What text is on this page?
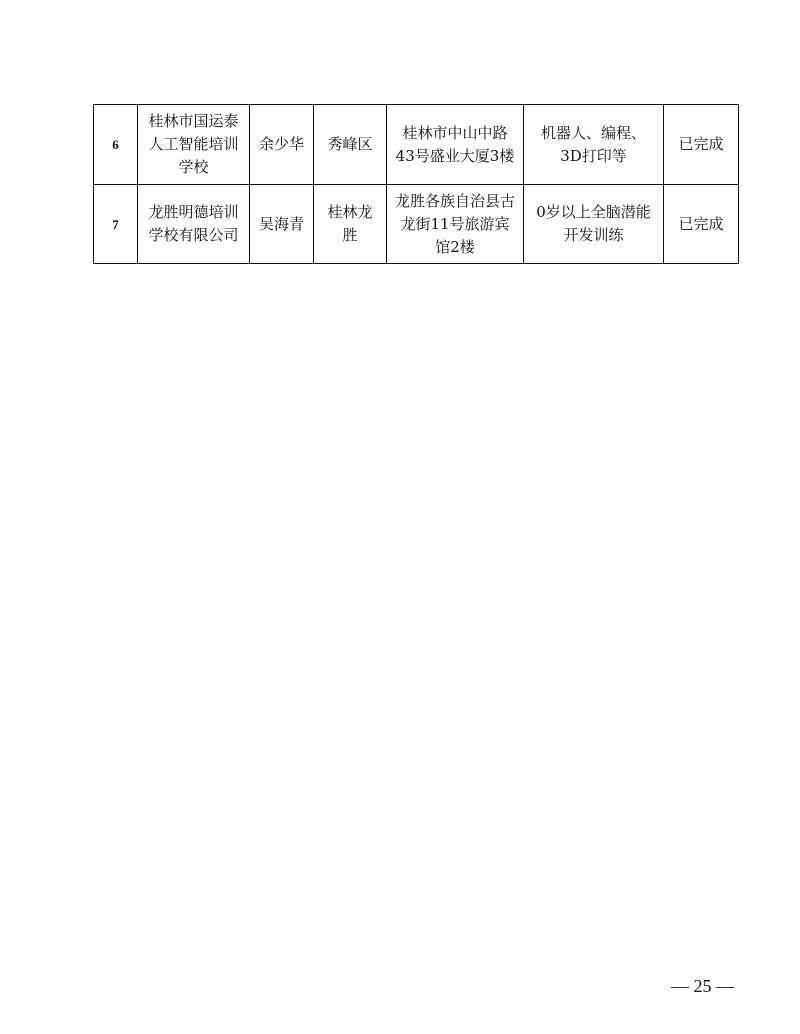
6	桂林市国运泰人工智能培训学校	余少华	秀峰区	桂林市中山中路43号盛业大厦3楼	机器人、编程、3D打印等	已完成
7	龙胜明德培训学校有限公司	吴海青	桂林龙胜	龙胜各族自治县古龙街11号旅游宾馆2楼	0岁以上全脑潜能开发训练	已完成
— 25 —
